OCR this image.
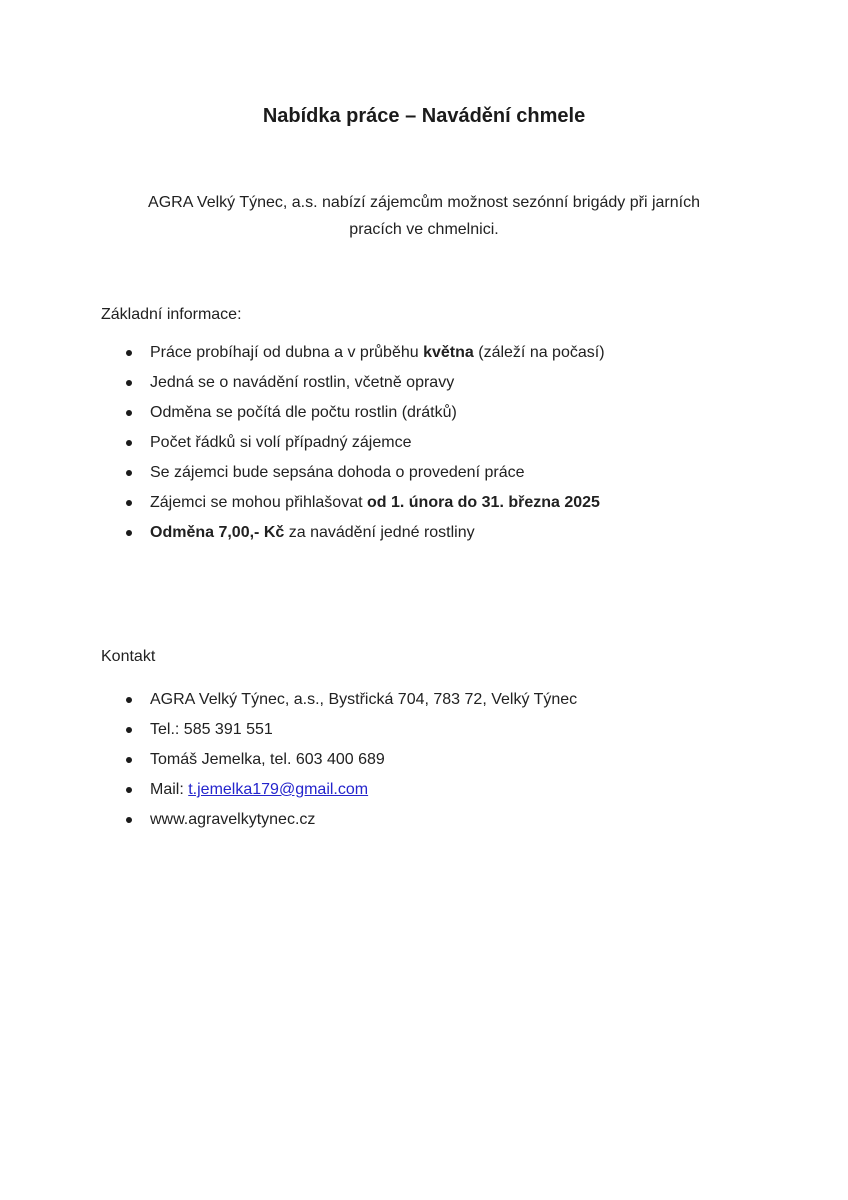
Nabídka práce – Navádění chmele

AGRA Velký Týnec, a.s. nabízí zájemcům možnost sezónní brigády při jarních
pracích ve chmelnici.

Základní informace:

Práce probíhají od dubna a v průběhu května (záleží na počasí)
Jedná se o navádění rostlin, včetně opravy
Odměna se počítá dle počtu rostlin (drátků)
Počet řádků si volí případný zájemce
Se zájemci bude sepsána dohoda o provedení práce
Zájemci se mohou přihlašovat od 1. února do 31. března 2025
Odměna 7,00,- Kč za navádění jedné rostliny

Kontakt

AGRA Velký Týnec, a.s., Bystřická 704, 783 72, Velký Týnec
Tel.: 585 391 551
Tomáš Jemelka, tel. 603 400 689
Mail: t.jemelka179@gmail.com
www.agravelkytynec.cz
